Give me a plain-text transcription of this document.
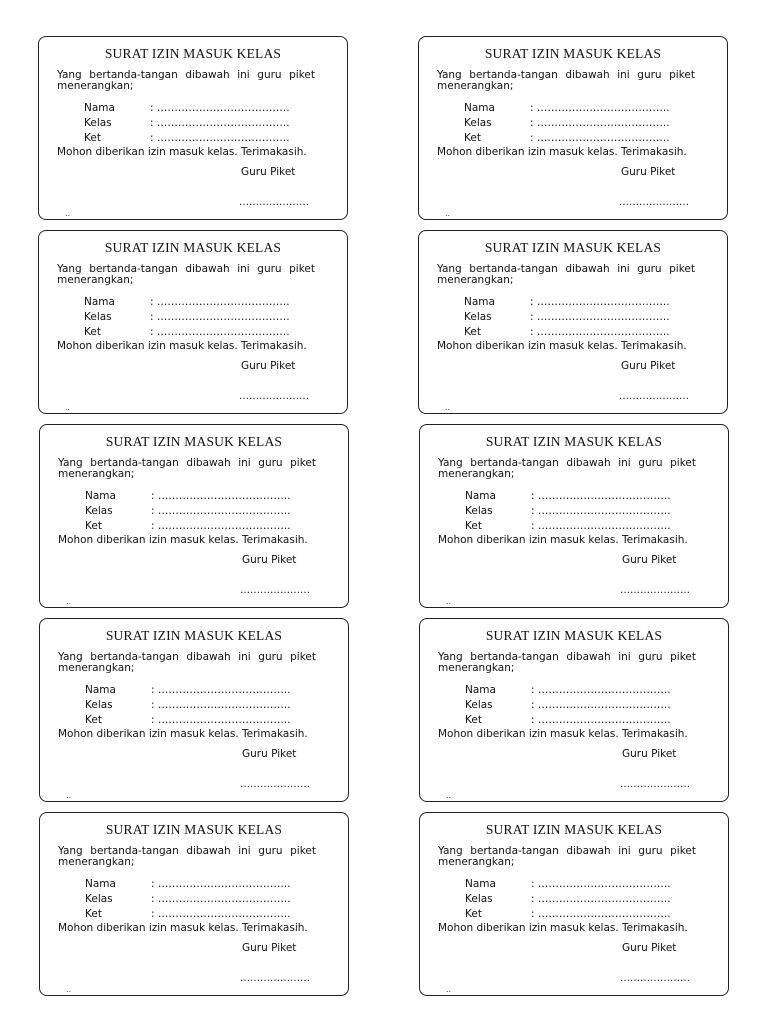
SURAT IZIN MASUK KELAS
Yang bertanda-tangan dibawah ini guru piket menerangkan;
Nama	: ………………………………..
Kelas	: ………………………………..
Ket	: ………………………………..
Mohon diberikan izin masuk kelas. Terimakasih.
Guru Piket
…………………
..
SURAT IZIN MASUK KELAS
Yang bertanda-tangan dibawah ini guru piket menerangkan;
Nama	: ………………………………..
Kelas	: ………………………………..
Ket	: ………………………………..
Mohon diberikan izin masuk kelas. Terimakasih.
Guru Piket
…………………
..
SURAT IZIN MASUK KELAS
Yang bertanda-tangan dibawah ini guru piket menerangkan;
Nama	: ………………………………..
Kelas	: ………………………………..
Ket	: ………………………………..
Mohon diberikan izin masuk kelas. Terimakasih.
Guru Piket
…………………
..
SURAT IZIN MASUK KELAS
Yang bertanda-tangan dibawah ini guru piket menerangkan;
Nama	: ………………………………..
Kelas	: ………………………………..
Ket	: ………………………………..
Mohon diberikan izin masuk kelas. Terimakasih.
Guru Piket
…………………
..
SURAT IZIN MASUK KELAS
Yang bertanda-tangan dibawah ini guru piket menerangkan;
Nama	: ………………………………..
Kelas	: ………………………………..
Ket	: ………………………………..
Mohon diberikan izin masuk kelas. Terimakasih.
Guru Piket
…………………
..
SURAT IZIN MASUK KELAS
Yang bertanda-tangan dibawah ini guru piket menerangkan;
Nama	: ………………………………..
Kelas	: ………………………………..
Ket	: ………………………………..
Mohon diberikan izin masuk kelas. Terimakasih.
Guru Piket
…………………
..
SURAT IZIN MASUK KELAS
Yang bertanda-tangan dibawah ini guru piket menerangkan;
Nama	: ………………………………..
Kelas	: ………………………………..
Ket	: ………………………………..
Mohon diberikan izin masuk kelas. Terimakasih.
Guru Piket
…………………
..
SURAT IZIN MASUK KELAS
Yang bertanda-tangan dibawah ini guru piket menerangkan;
Nama	: ………………………………..
Kelas	: ………………………………..
Ket	: ………………………………..
Mohon diberikan izin masuk kelas. Terimakasih.
Guru Piket
…………………
..
SURAT IZIN MASUK KELAS
Yang bertanda-tangan dibawah ini guru piket menerangkan;
Nama	: ………………………………..
Kelas	: ………………………………..
Ket	: ………………………………..
Mohon diberikan izin masuk kelas. Terimakasih.
Guru Piket
…………………
..
SURAT IZIN MASUK KELAS
Yang bertanda-tangan dibawah ini guru piket menerangkan;
Nama	: ………………………………..
Kelas	: ………………………………..
Ket	: ………………………………..
Mohon diberikan izin masuk kelas. Terimakasih.
Guru Piket
…………………
..
